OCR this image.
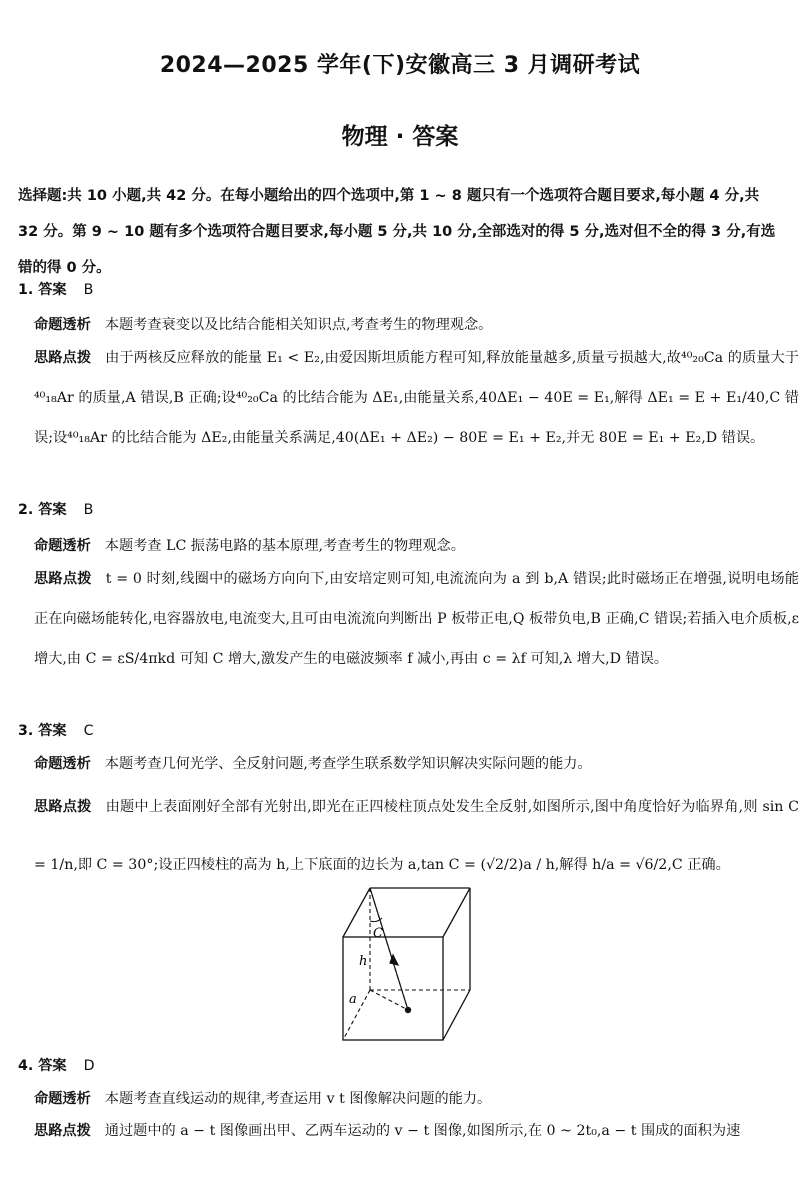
2024—2025 学年(下)安徽高三 3 月调研考试
物理 · 答案
选择题:共 10 小题,共 42 分。在每小题给出的四个选项中,第 1 ~ 8 题只有一个选项符合题目要求,每小题 4 分,共 32 分。第 9 ~ 10 题有多个选项符合题目要求,每小题 5 分,共 10 分,全部选对的得 5 分,选对但不全的得 3 分,有选错的得 0 分。
1. 答案 B
命题透析 本题考查衰变以及比结合能相关知识点,考查考生的物理观念。
思路点拨 由于两核反应释放的能量 E₁ < E₂,由爱因斯坦质能方程可知,释放能量越多,质量亏损越大,故⁴⁰₂₀Ca 的质量大于⁴⁰₁₈Ar 的质量,A 错误,B 正确;设⁴⁰₂₀Ca 的比结合能为 ΔE₁,由能量关系,40ΔE₁ − 40E = E₁,解得 ΔE₁ = E + E₁/40,C 错误;设⁴⁰₁₈Ar 的比结合能为 ΔE₂,由能量关系满足,40(ΔE₁ + ΔE₂) − 80E = E₁ + E₂,并无 80E = E₁ + E₂,D 错误。
2. 答案 B
命题透析 本题考查 LC 振荡电路的基本原理,考查考生的物理观念。
思路点拨 t = 0 时刻,线圈中的磁场方向向下,由安培定则可知,电流流向为 a 到 b,A 错误;此时磁场正在增强,说明电场能正在向磁场能转化,电容器放电,电流变大,且可由电流流向判断出 P 板带正电,Q 板带负电,B 正确,C 错误;若插入电介质板,ε 增大,由 C = εS/4πkd 可知 C 增大,激发产生的电磁波频率 f 减小,再由 c = λf 可知,λ 增大,D 错误。
3. 答案 C
命题透析 本题考查几何光学、全反射问题,考查学生联系数学知识解决实际问题的能力。
思路点拨 由题中上表面刚好全部有光射出,即光在正四棱柱顶点处发生全反射,如图所示,图中角度恰好为临界角,则 sin C = 1/n,即 C = 30°;设正四棱柱的高为 h,上下底面的边长为 a,tan C = (√2/2)a / h,解得 h/a = √6/2,C 正确。
C
h
a
4. 答案 D
命题透析 本题考查直线运动的规律,考查运用 v t 图像解决问题的能力。
思路点拨 通过题中的 a − t 图像画出甲、乙两车运动的 v − t 图像,如图所示,在 0 ~ 2t₀,a − t 围成的面积为速
